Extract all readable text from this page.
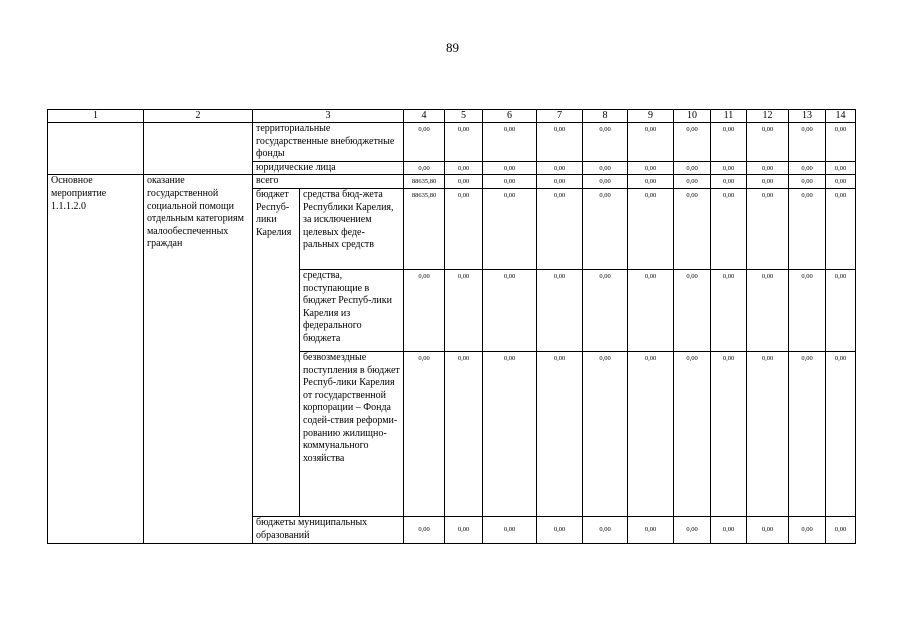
89
1	2	3		4	5	6	7	8	9	10	11	12	13	14
		территориальные государственные внебюджетные фонды		0,00	0,00	0,00	0,00	0,00	0,00	0,00	0,00	0,00	0,00	0,00
		юридические лица		0,00	0,00	0,00	0,00	0,00	0,00	0,00	0,00	0,00	0,00	0,00
Основное мероприятие 1.1.1.2.0	оказание государственной социальной помощи отдельным категориям малообеспеченных граждан	всего		88635,80	0,00	0,00	0,00	0,00	0,00	0,00	0,00	0,00	0,00	0,00
		бюджет Респуб-лики Карелия	средства бюд-жета Республики Карелия, за исключением целевых феде-ральных средств	88635,80	0,00	0,00	0,00	0,00	0,00	0,00	0,00	0,00	0,00	0,00
			средства, поступающие в бюджет Респуб-лики Карелия из федерального бюджета	0,00	0,00	0,00	0,00	0,00	0,00	0,00	0,00	0,00	0,00	0,00
			безвозмездные поступления в бюджет Респуб-лики Карелия от государственной корпорации – Фонда содей-ствия реформи-рованию жилищно-коммунального хозяйства	0,00	0,00	0,00	0,00	0,00	0,00	0,00	0,00	0,00	0,00	0,00
		бюджеты муниципальных образований		0,00	0,00	0,00	0,00	0,00	0,00	0,00	0,00	0,00	0,00	0,00
